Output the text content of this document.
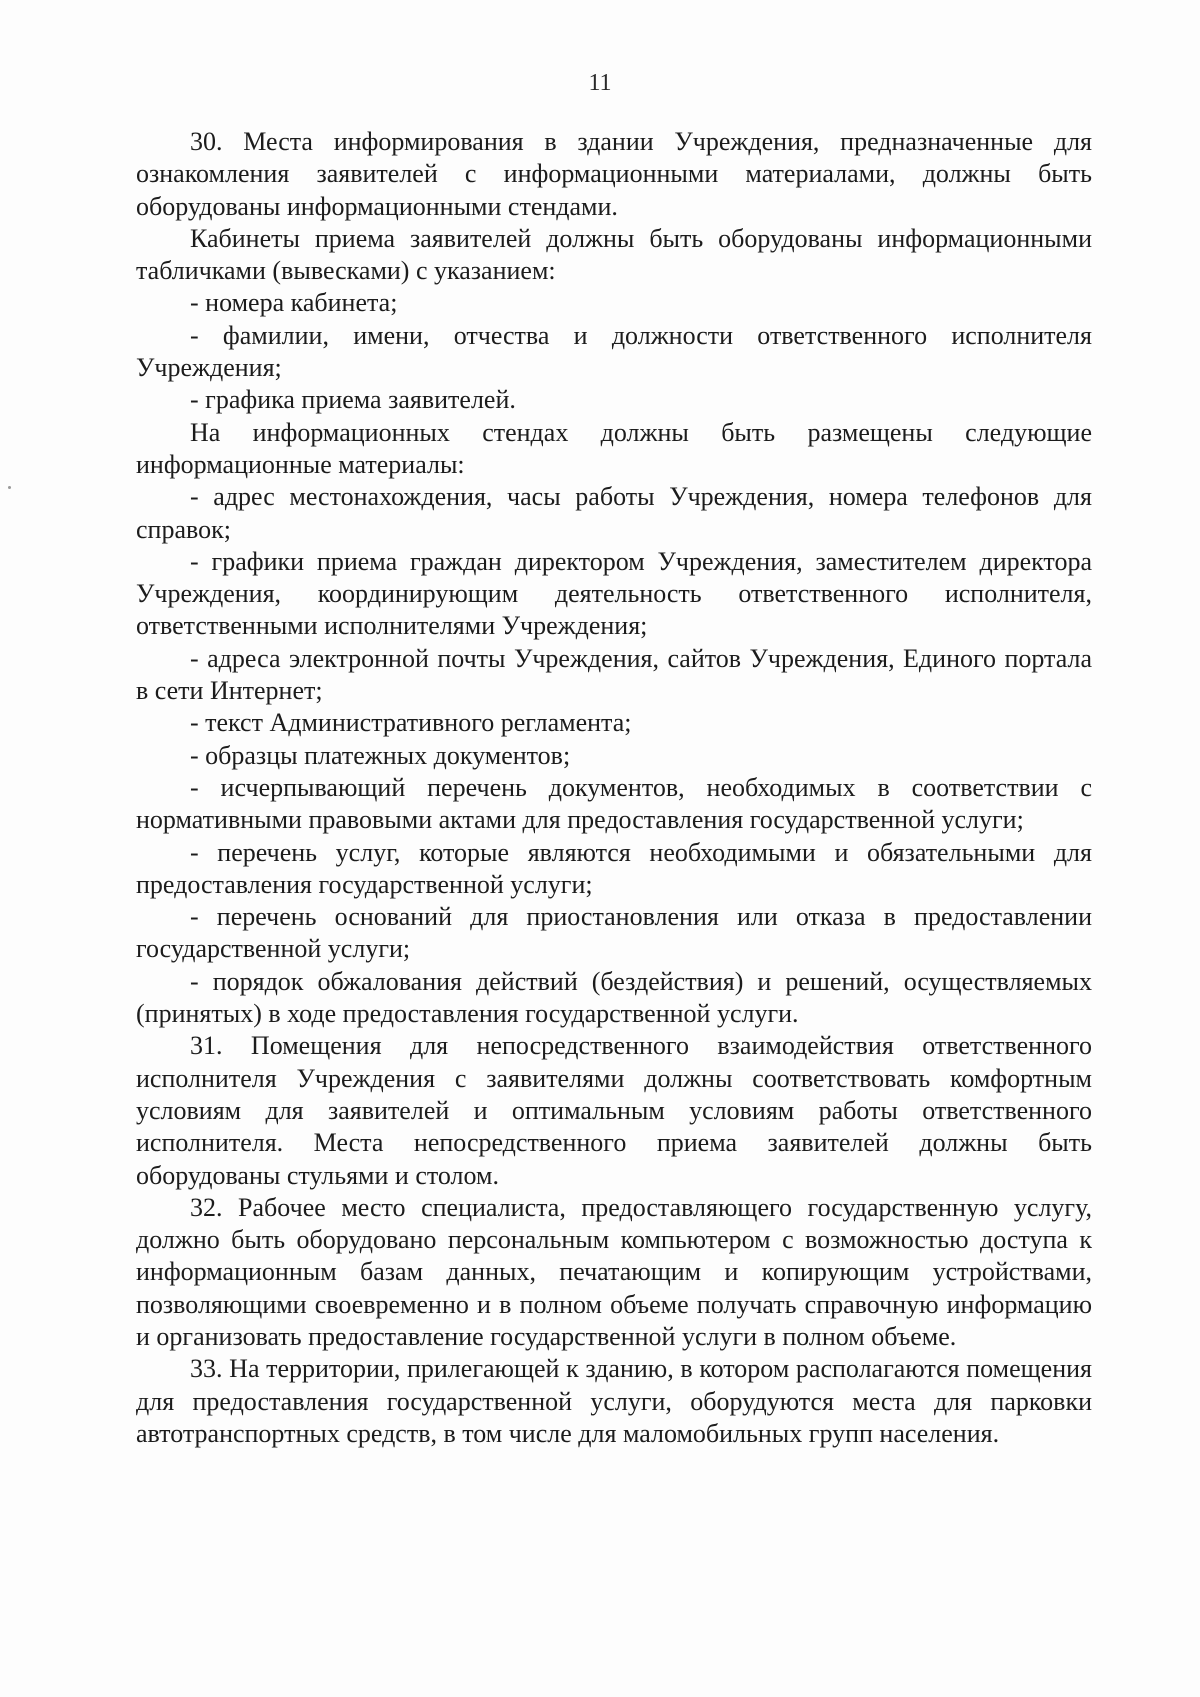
11

30. Места информирования в здании Учреждения, предназначенные для ознакомления заявителей с информационными материалами, должны быть оборудованы информационными стендами.

Кабинеты приема заявителей должны быть оборудованы информационными табличками (вывесками) с указанием:

- номера кабинета;

- фамилии, имени, отчества и должности ответственного исполнителя Учреждения;

- графика приема заявителей.

На информационных стендах должны быть размещены следующие информационные материалы:

- адрес местонахождения, часы работы Учреждения, номера телефонов для справок;

- графики приема граждан директором Учреждения, заместителем директора Учреждения, координирующим деятельность ответственного исполнителя, ответственными исполнителями Учреждения;

- адреса электронной почты Учреждения, сайтов Учреждения, Единого портала в сети Интернет;

- текст Административного регламента;

- образцы платежных документов;

- исчерпывающий перечень документов, необходимых в соответствии с нормативными правовыми актами для предоставления государственной услуги;

- перечень услуг, которые являются необходимыми и обязательными для предоставления государственной услуги;

- перечень оснований для приостановления или отказа в предоставлении государственной услуги;

- порядок обжалования действий (бездействия) и решений, осуществляемых (принятых) в ходе предоставления государственной услуги.

31. Помещения для непосредственного взаимодействия ответственного исполнителя Учреждения с заявителями должны соответствовать комфортным условиям для заявителей и оптимальным условиям работы ответственного исполнителя. Места непосредственного приема заявителей должны быть оборудованы стульями и столом.

32. Рабочее место специалиста, предоставляющего государственную услугу, должно быть оборудовано персональным компьютером с возможностью доступа к информационным базам данных, печатающим и копирующим устройствами, позволяющими своевременно и в полном объеме получать справочную информацию и организовать предоставление государственной услуги в полном объеме.

33. На территории, прилегающей к зданию, в котором располагаются помещения для предоставления государственной услуги, оборудуются места для парковки автотранспортных средств, в том числе для маломобильных групп населения.
